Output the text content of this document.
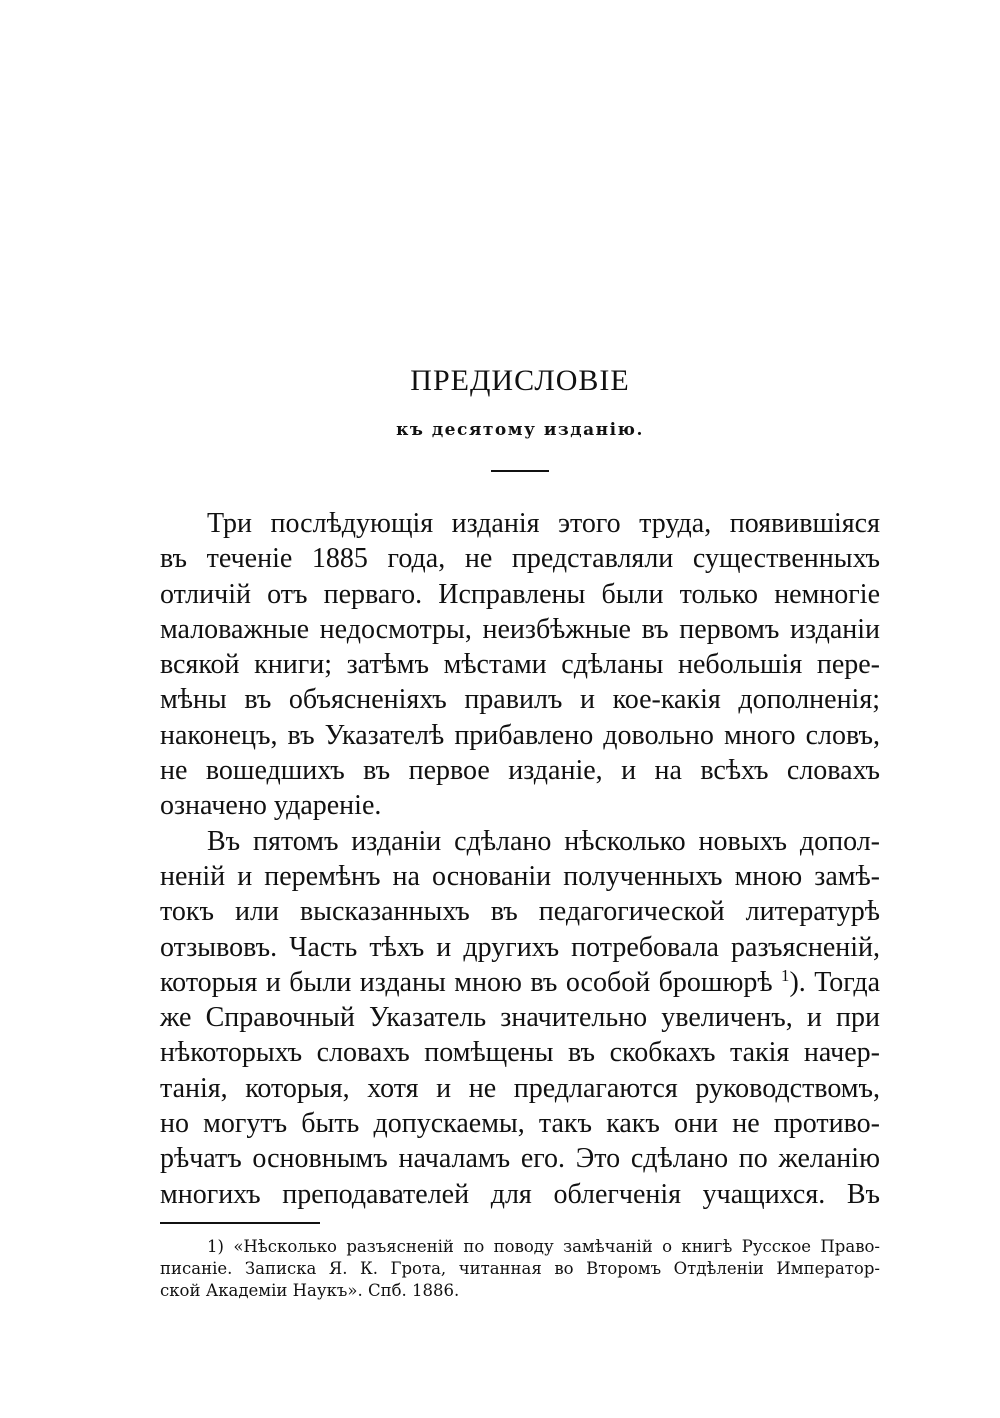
ПРЕДИСЛОВІЕ
къ десятому изданію.
Три послѣдующія изданія этого труда, появившіяся
въ теченіе 1885 года, не представляли существенныхъ
отличій отъ перваго. Исправлены были только немногіе
маловажные недосмотры, неизбѣжные въ первомъ изданіи
всякой книги; затѣмъ мѣстами сдѣланы небольшія пере-
мѣны въ объясненіяхъ правилъ и кое-какія дополненія;
наконецъ, въ Указателѣ прибавлено довольно много словъ,
не вошедшихъ въ первое изданіе, и на всѣхъ словахъ
означено удареніе.
Въ пятомъ изданіи сдѣлано нѣсколько новыхъ допол-
неній и перемѣнъ на основаніи полученныхъ мною замѣ-
токъ или высказанныхъ въ педагогической литературѣ
отзывовъ. Часть тѣхъ и другихъ потребовала разъясненій,
которыя и были изданы мною въ особой брошюрѣ $^1$). Тогда
же Справочный Указатель значительно увеличенъ, и при
нѣкоторыхъ словахъ помѣщены въ скобкахъ такія начер-
танія, которыя, хотя и не предлагаются руководствомъ,
но могутъ быть допускаемы, такъ какъ они не противо-
рѣчатъ основнымъ началамъ его. Это сдѣлано по желанію
многихъ преподавателей для облегченія учащихся. Въ
1) «Нѣсколько разъясненій по поводу замѣчаній о книгѣ Русское Право-
писаніе. Записка Я. К. Грота, читанная во Второмъ Отдѣленіи Император-
ской Академіи Наукъ». Спб. 1886.
